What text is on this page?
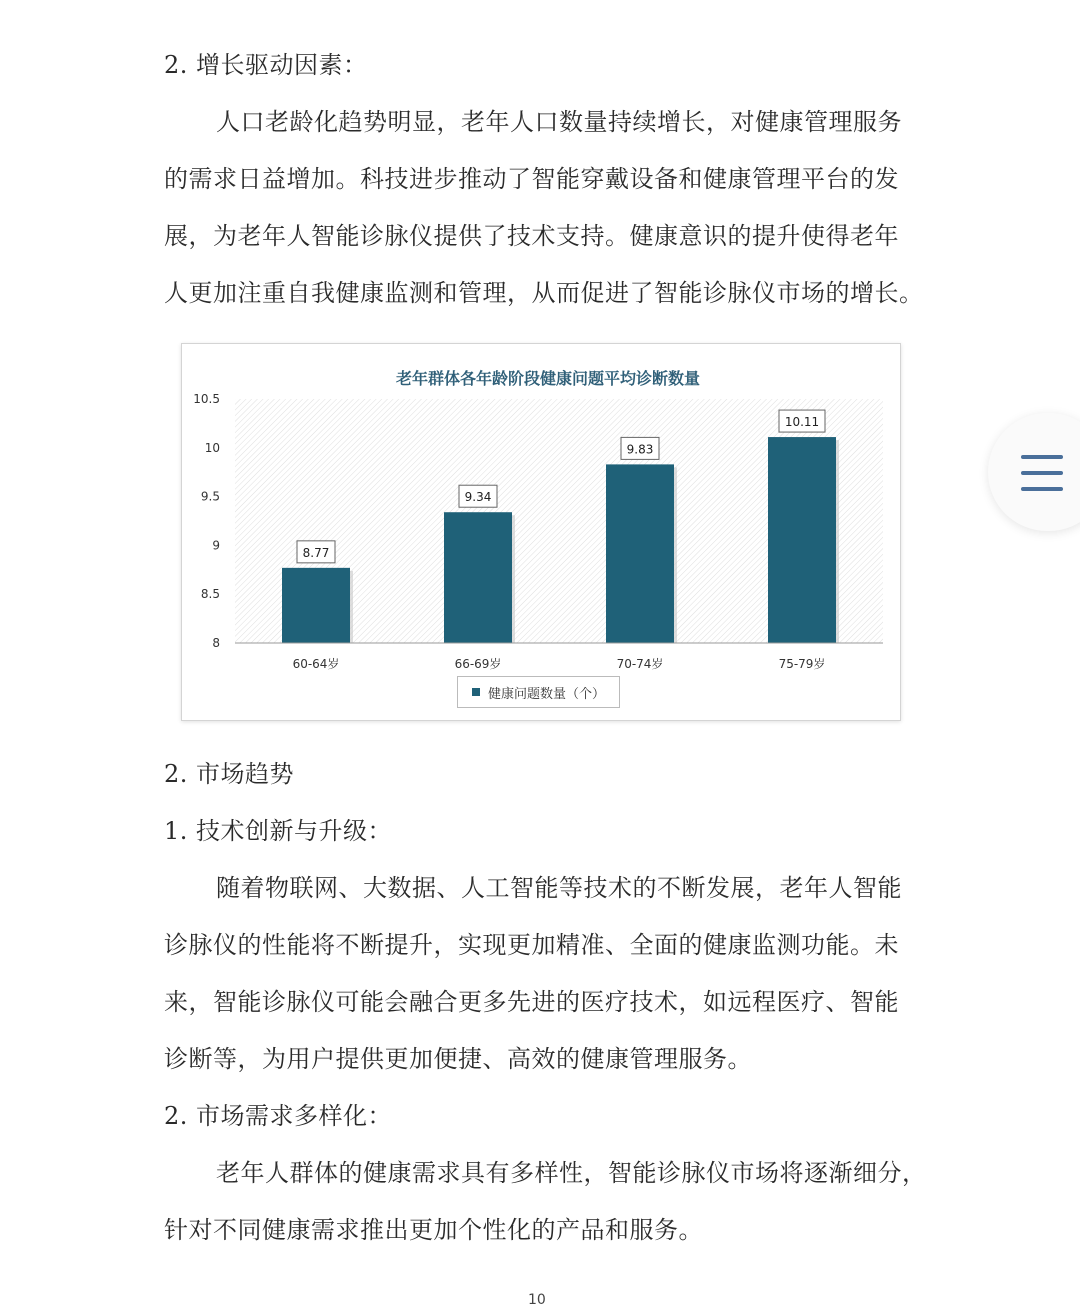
2. 增长驱动因素：

人口老龄化趋势明显，老年人口数量持续增长，对健康管理服务

的需求日益增加。科技进步推动了智能穿戴设备和健康管理平台的发

展，为老年人智能诊脉仪提供了技术支持。健康意识的提升使得老年

人更加注重自我健康监测和管理，从而促进了智能诊脉仪市场的增长。

老年群体各年龄阶段健康问题平均诊断数量
8
8.5
9
9.5
10
10.5
8.77
9.34
9.83
10.11
60-64岁	66-69岁	70-74岁	75-79岁
健康问题数量（个）

2. 市场趋势

1. 技术创新与升级：

随着物联网、大数据、人工智能等技术的不断发展，老年人智能

诊脉仪的性能将不断提升，实现更加精准、全面的健康监测功能。未

来，智能诊脉仪可能会融合更多先进的医疗技术，如远程医疗、智能

诊断等，为用户提供更加便捷、高效的健康管理服务。

2. 市场需求多样化：

老年人群体的健康需求具有多样性，智能诊脉仪市场将逐渐细分，

针对不同健康需求推出更加个性化的产品和服务。

10
